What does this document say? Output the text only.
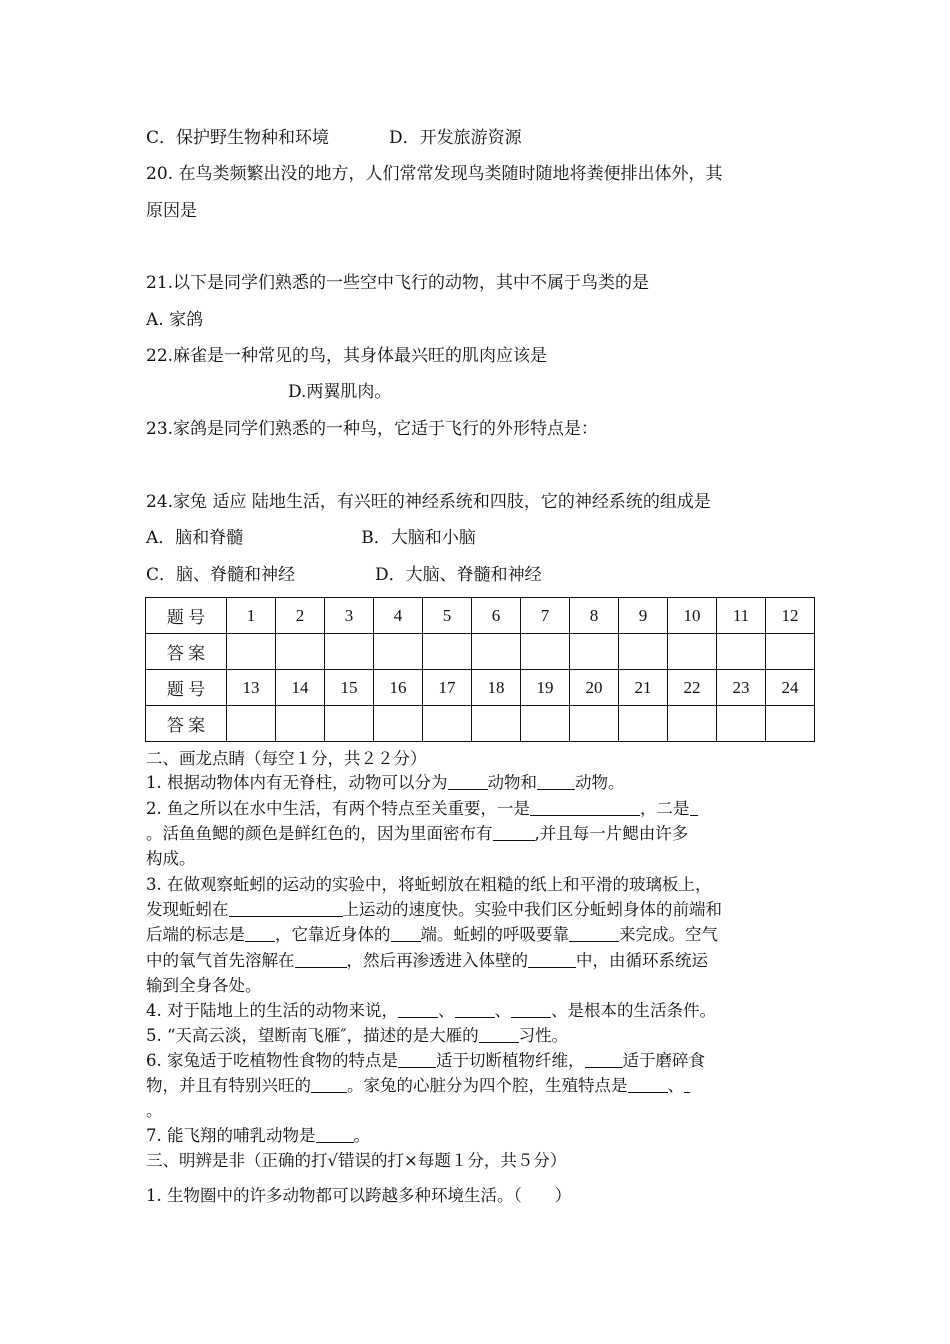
C．保护野生物种和环境	D．开发旅游资源
20. 在鸟类频繁出没的地方，人们常常发现鸟类随时随地将粪便排出体外，其
原因是
21.以下是同学们熟悉的一些空中飞行的动物，其中不属于鸟类的是
A. 家鸽
22.麻雀是一种常见的鸟，其身体最兴旺的肌肉应该是
D.两翼肌肉。
23.家鸽是同学们熟悉的一种鸟，它适于飞行的外形特点是：
24.家兔 适应 陆地生活，有兴旺的神经系统和四肢，它的神经系统的组成是
A．脑和脊髓	B．大脑和小脑
C．脑、脊髓和神经	D．大脑、脊髓和神经
题 号	1	2	3	4	5	6	7	8	9	10	11	12
答 案												
题 号	13	14	15	16	17	18	19	20	21	22	23	24
答 案												
二、画龙点睛（每空１分，共２２分）
1. 根据动物体内有无脊柱，动物可以分为 动物和 动物。
2. 鱼之所以在水中生活，有两个特点至关重要，一是	，二是
。活鱼鱼鳃的颜色是鲜红色的，因为里面密布有	,并且每一片鳃由许多
构成。
3. 在做观察蚯蚓的运动的实验中，将蚯蚓放在粗糙的纸上和平滑的玻璃板上，
发现蚯蚓在	上运动的速度快。实验中我们区分蚯蚓身体的前端和
后端的标志是 ，它靠近身体的 端。蚯蚓的呼吸要靠	来完成。空气
中的氧气首先溶解在	，然后再渗透进入体壁的	中，由循环系统运
输到全身各处。
4. 对于陆地上的生活的动物来说， 、 、 、是根本的生活条件。
5. “天高云淡，望断南飞雁″，描述的是大雁的 习性。
6. 家兔适于吃植物性食物的特点是 适于切断植物纤维， 适于磨碎食
物，并且有特别兴旺的 。家兔的心脏分为四个腔，生殖特点是 、
。
7. 能飞翔的哺乳动物是 。
三、明辨是非（正确的打√错误的打×每题１分，共５分）
1. 生物圈中的许多动物都可以跨越多种环境生活。（　　）
